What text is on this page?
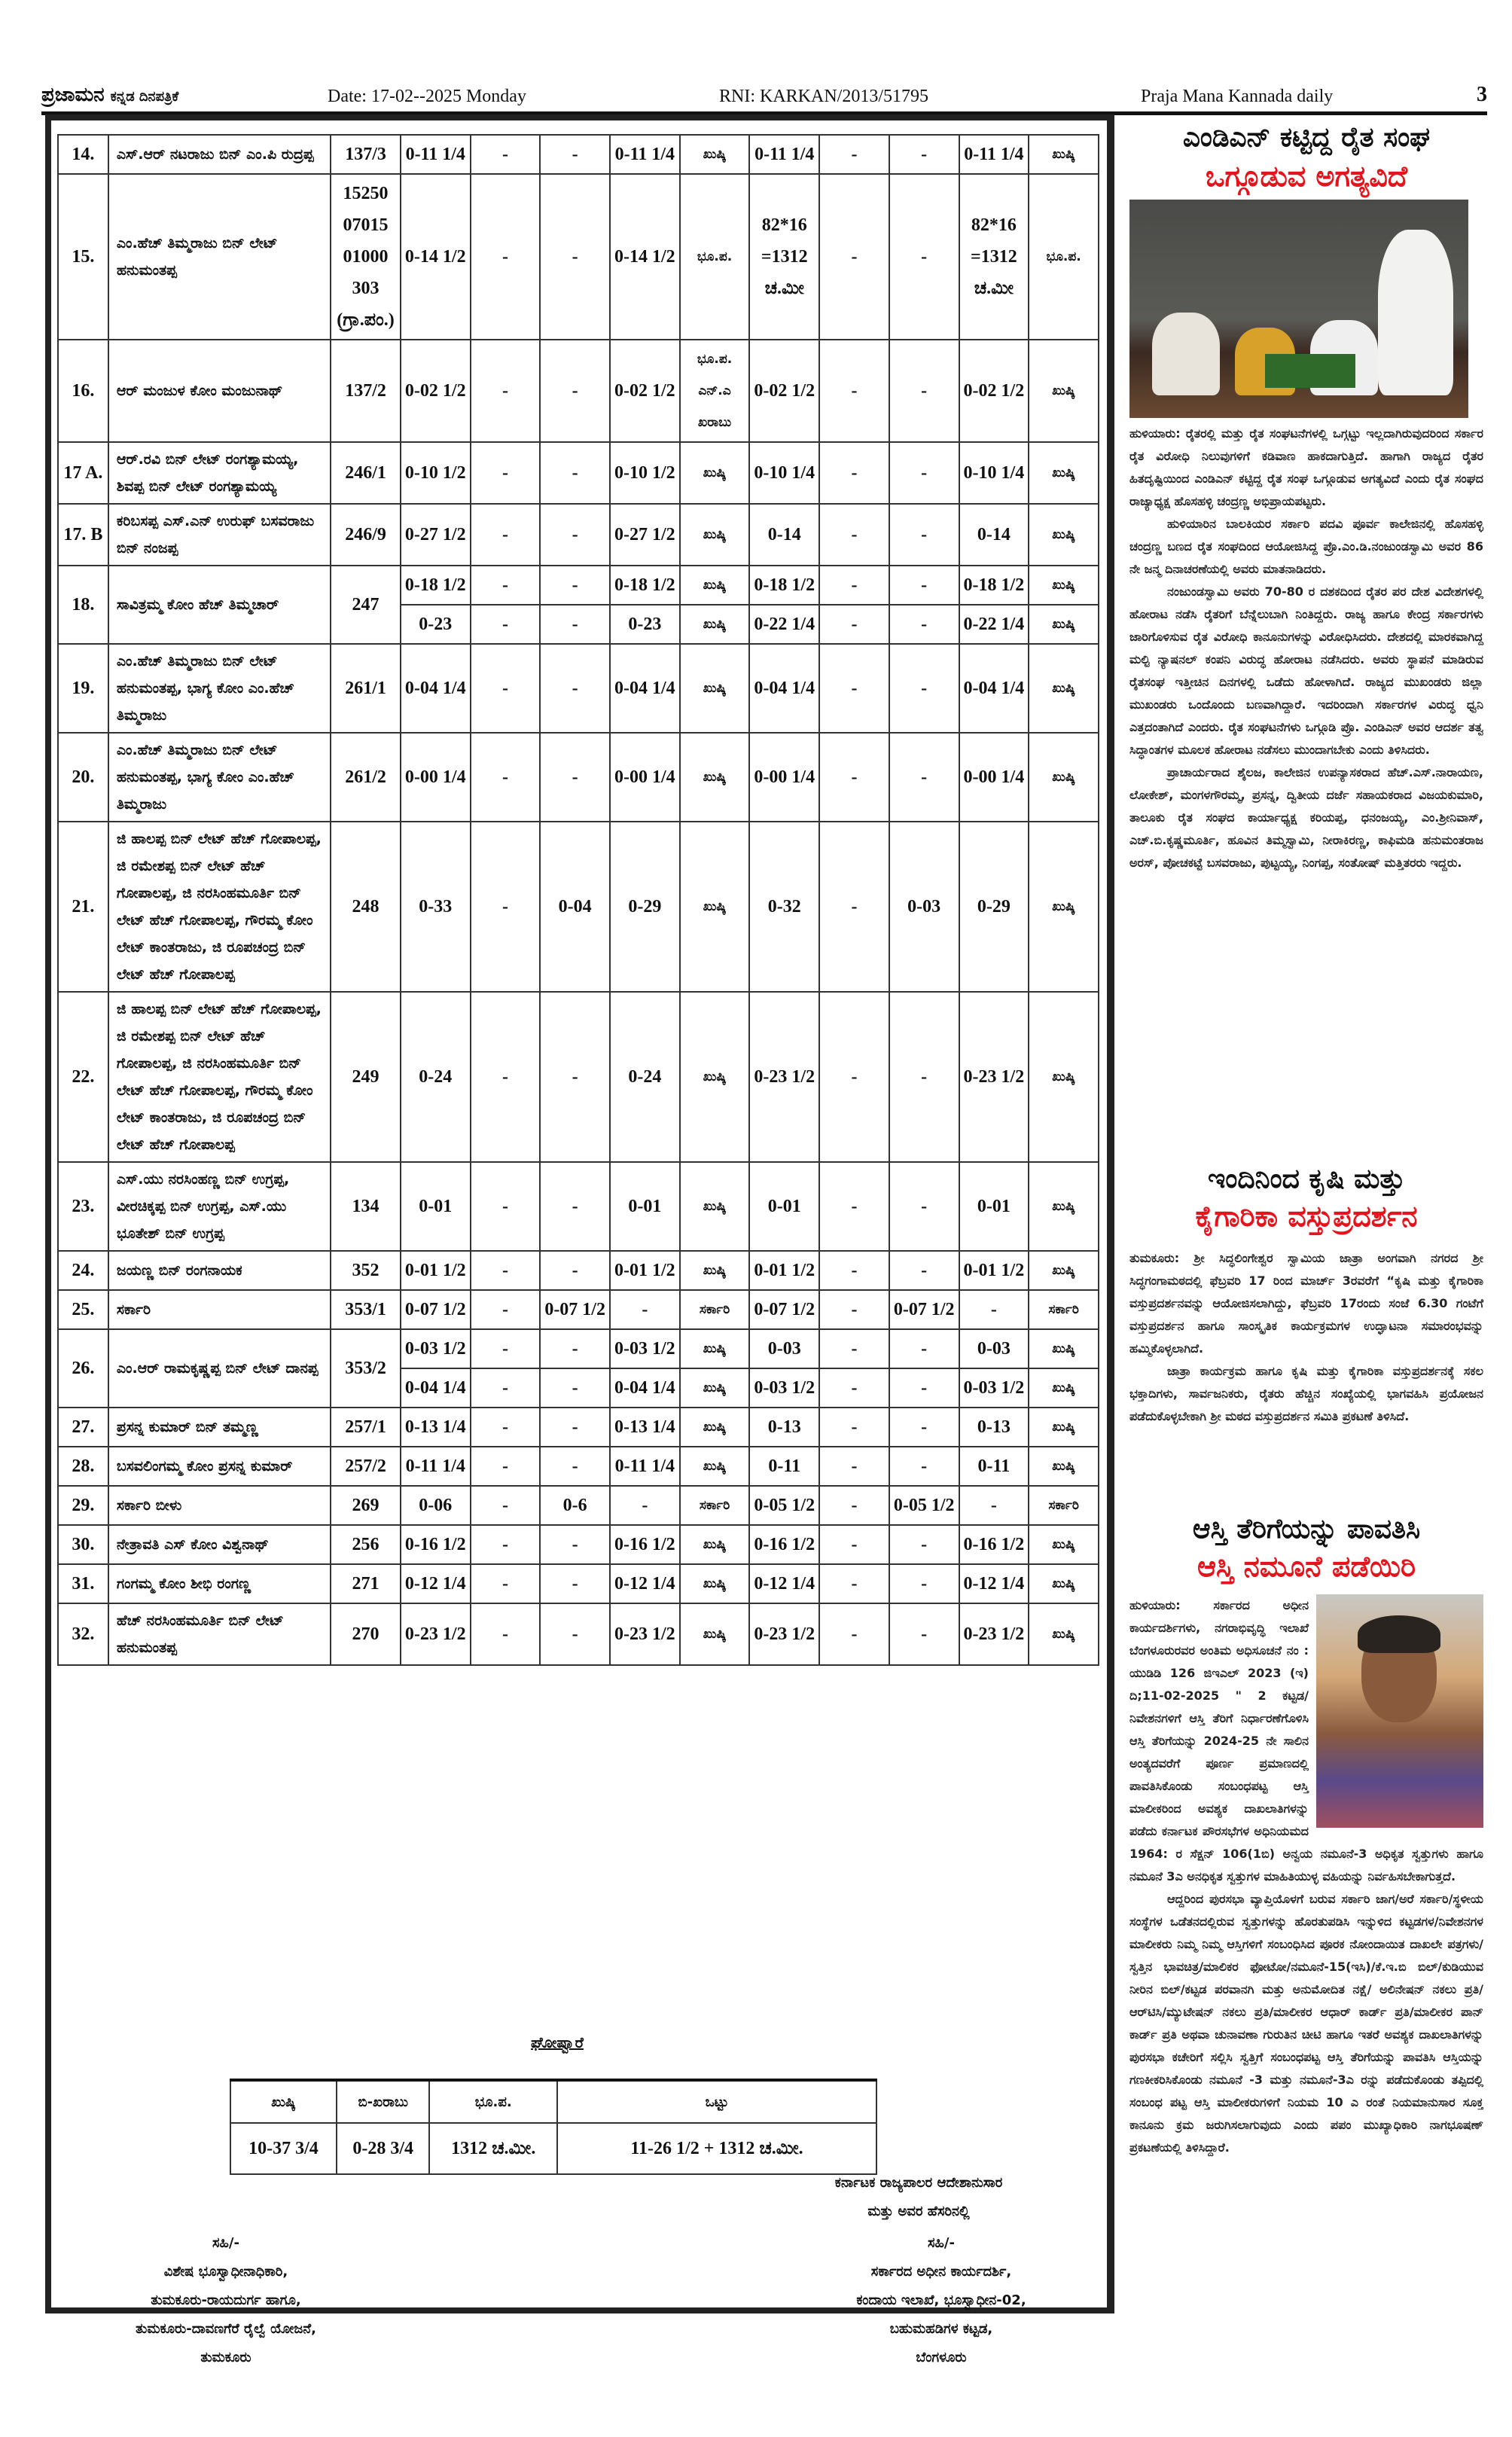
ಪ್ರಜಾಮನ ಕನ್ನಡ ದಿನಪತ್ರಿಕೆ	Date: 17-02--2025 Monday	RNI: KARKAN/2013/51795	Praja Mana Kannada daily	3
14.	ಎಸ್.ಆರ್ ನಟರಾಜು ಬಿನ್ ಎಂ.ಪಿ ರುದ್ರಪ್ಪ	137/3	0-11 1/4	-	-	0-11 1/4	ಖುಷ್ಕಿ	0-11 1/4	-	-	0-11 1/4	ಖುಷ್ಕಿ
15.	ಎಂ.ಹೆಚ್ ತಿಮ್ಮರಾಜು ಬಿನ್ ಲೇಟ್ ಹನುಮಂತಪ್ಪ	15250 07015 01000 303 (ಗ್ರಾ.ಪಂ.)	0-14 1/2	-	-	0-14 1/2	ಭೂ.ಪ.	82*16 =1312 ಚ.ಮೀ	-	-	82*16 =1312 ಚ.ಮೀ	ಭೂ.ಪ.
16.	ಆರ್ ಮಂಜುಳ ಕೋಂ ಮಂಜುನಾಥ್	137/2	0-02 1/2	-	-	0-02 1/2	ಭೂ.ಪ. ಎನ್.ಎ ಖರಾಬು	0-02 1/2	-	-	0-02 1/2	ಖುಷ್ಕಿ
17 A.	ಆರ್.ರವಿ ಬಿನ್ ಲೇಟ್ ರಂಗಶ್ಯಾಮಯ್ಯ, ಶಿವಪ್ಪ ಬಿನ್ ಲೇಟ್ ರಂಗಶ್ಯಾಮಯ್ಯ	246/1	0-10 1/2	-	-	0-10 1/2	ಖುಷ್ಕಿ	0-10 1/4	-	-	0-10 1/4	ಖುಷ್ಕಿ
17. B	ಕರಿಬಸಪ್ಪ ಎಸ್.ಎನ್ ಉರುಫ್ ಬಸವರಾಜು ಬಿನ್ ನಂಜಪ್ಪ	246/9	0-27 1/2	-	-	0-27 1/2	ಖುಷ್ಕಿ	0-14	-	-	0-14	ಖುಷ್ಕಿ
18.	ಸಾವಿತ್ರಮ್ಮ ಕೋಂ ಹೆಚ್ ತಿಮ್ಮಚಾರ್	247	0-18 1/2	-	-	0-18 1/2	ಖುಷ್ಕಿ	0-18 1/2	-	-	0-18 1/2	ಖುಷ್ಕಿ
			0-23	-	-	0-23	ಖುಷ್ಕಿ	0-22 1/4	-	-	0-22 1/4	ಖುಷ್ಕಿ
19.	ಎಂ.ಹೆಚ್ ತಿಮ್ಮರಾಜು ಬಿನ್ ಲೇಟ್ ಹನುಮಂತಪ್ಪ, ಭಾಗ್ಯ ಕೋಂ ಎಂ.ಹೆಚ್ ತಿಮ್ಮರಾಜು	261/1	0-04 1/4	-	-	0-04 1/4	ಖುಷ್ಕಿ	0-04 1/4	-	-	0-04 1/4	ಖುಷ್ಕಿ
20.	ಎಂ.ಹೆಚ್ ತಿಮ್ಮರಾಜು ಬಿನ್ ಲೇಟ್ ಹನುಮಂತಪ್ಪ, ಭಾಗ್ಯ ಕೋಂ ಎಂ.ಹೆಚ್ ತಿಮ್ಮರಾಜು	261/2	0-00 1/4	-	-	0-00 1/4	ಖುಷ್ಕಿ	0-00 1/4	-	-	0-00 1/4	ಖುಷ್ಕಿ
21.	ಜಿ ಹಾಲಪ್ಪ ಬಿನ್ ಲೇಟ್ ಹೆಚ್ ಗೋಪಾಲಪ್ಪ, ಜಿ ರಮೇಶಪ್ಪ ಬಿನ್ ಲೇಟ್ ಹೆಚ್ ಗೋಪಾಲಪ್ಪ, ಜಿ ನರಸಿಂಹಮೂರ್ತಿ ಬಿನ್ ಲೇಟ್ ಹೆಚ್ ಗೋಪಾಲಪ್ಪ, ಗೌರಮ್ಮ ಕೋಂ ಲೇಟ್ ಕಾಂತರಾಜು, ಜಿ ರೂಪಚಂದ್ರ ಬಿನ್ ಲೇಟ್ ಹೆಚ್ ಗೋಪಾಲಪ್ಪ	248	0-33	-	0-04	0-29	ಖುಷ್ಕಿ	0-32	-	0-03	0-29	ಖುಷ್ಕಿ
22.	ಜಿ ಹಾಲಪ್ಪ ಬಿನ್ ಲೇಟ್ ಹೆಚ್ ಗೋಪಾಲಪ್ಪ, ಜಿ ರಮೇಶಪ್ಪ ಬಿನ್ ಲೇಟ್ ಹೆಚ್ ಗೋಪಾಲಪ್ಪ, ಜಿ ನರಸಿಂಹಮೂರ್ತಿ ಬಿನ್ ಲೇಟ್ ಹೆಚ್ ಗೋಪಾಲಪ್ಪ, ಗೌರಮ್ಮ ಕೋಂ ಲೇಟ್ ಕಾಂತರಾಜು, ಜಿ ರೂಪಚಂದ್ರ ಬಿನ್ ಲೇಟ್ ಹೆಚ್ ಗೋಪಾಲಪ್ಪ	249	0-24	-	-	0-24	ಖುಷ್ಕಿ	0-23 1/2	-	-	0-23 1/2	ಖುಷ್ಕಿ
23.	ಎಸ್.ಯು ನರಸಿಂಹಣ್ಣ ಬಿನ್ ಉಗ್ರಪ್ಪ, ವೀರಚಿಕ್ಕಪ್ಪ ಬಿನ್ ಉಗ್ರಪ್ಪ, ಎಸ್.ಯು ಭೂತೇಶ್ ಬಿನ್ ಉಗ್ರಪ್ಪ	134	0-01	-	-	0-01	ಖುಷ್ಕಿ	0-01	-	-	0-01	ಖುಷ್ಕಿ
24.	ಜಯಣ್ಣ ಬಿನ್ ರಂಗನಾಯಕ	352	0-01 1/2	-	-	0-01 1/2	ಖುಷ್ಕಿ	0-01 1/2	-	-	0-01 1/2	ಖುಷ್ಕಿ
25.	ಸರ್ಕಾರಿ	353/1	0-07 1/2	-	0-07 1/2	-	ಸರ್ಕಾರಿ	0-07 1/2	-	0-07 1/2	-	ಸರ್ಕಾರಿ
26.	ಎಂ.ಆರ್ ರಾಮಕೃಷ್ಣಪ್ಪ ಬಿನ್ ಲೇಟ್ ದಾನಪ್ಪ	353/2	0-03 1/2	-	-	0-03 1/2	ಖುಷ್ಕಿ	0-03	-	-	0-03	ಖುಷ್ಕಿ
			0-04 1/4	-	-	0-04 1/4	ಖುಷ್ಕಿ	0-03 1/2	-	-	0-03 1/2	ಖುಷ್ಕಿ
27.	ಪ್ರಸನ್ನ ಕುಮಾರ್ ಬಿನ್ ತಮ್ಮಣ್ಣ	257/1	0-13 1/4	-	-	0-13 1/4	ಖುಷ್ಕಿ	0-13	-	-	0-13	ಖುಷ್ಕಿ
28.	ಬಸವಲಿಂಗಮ್ಮ ಕೋಂ ಪ್ರಸನ್ನ ಕುಮಾರ್	257/2	0-11 1/4	-	-	0-11 1/4	ಖುಷ್ಕಿ	0-11	-	-	0-11	ಖುಷ್ಕಿ
29.	ಸರ್ಕಾರಿ ಬೀಳು	269	0-06	-	0-6	-	ಸರ್ಕಾರಿ	0-05 1/2	-	0-05 1/2	-	ಸರ್ಕಾರಿ
30.	ನೇತ್ರಾವತಿ ಎಸ್ ಕೋಂ ವಿಶ್ವನಾಥ್	256	0-16 1/2	-	-	0-16 1/2	ಖುಷ್ಕಿ	0-16 1/2	-	-	0-16 1/2	ಖುಷ್ಕಿ
31.	ಗಂಗಮ್ಮ ಕೋಂ ಶೀಭಿ ರಂಗಣ್ಣ	271	0-12 1/4	-	-	0-12 1/4	ಖುಷ್ಕಿ	0-12 1/4	-	-	0-12 1/4	ಖುಷ್ಕಿ
32.	ಹೆಚ್ ನರಸಿಂಹಮೂರ್ತಿ ಬಿನ್ ಲೇಟ್ ಹನುಮಂತಪ್ಪ	270	0-23 1/2	-	-	0-23 1/2	ಖುಷ್ಕಿ	0-23 1/2	-	-	0-23 1/2	ಖುಷ್ಕಿ
ಘೋಷ್ವಾರೆ
ಖುಷ್ಕಿ	ಬಿ-ಖರಾಬು	ಭೂ.ಪ.	ಒಟ್ಟು
10-37 3/4	0-28 3/4	1312 ಚ.ಮೀ.	11-26 1/2 + 1312 ಚ.ಮೀ.
ಕರ್ನಾಟಕ ರಾಜ್ಯಪಾಲರ ಆದೇಶಾನುಸಾರ
ಮತ್ತು ಅವರ ಹೆಸರಿನಲ್ಲಿ
ಸಹಿ/-
ವಿಶೇಷ ಭೂಸ್ವಾಧೀನಾಧಿಕಾರಿ,
ತುಮಕೂರು-ರಾಯದುರ್ಗ ಹಾಗೂ,
ತುಮಕೂರು-ದಾವಣಗೆರೆ ರೈಲ್ವೆ ಯೋಜನೆ,
ತುಮಕೂರು
ಸಹಿ/-
ಸರ್ಕಾರದ ಅಧೀನ ಕಾರ್ಯದರ್ಶಿ,
ಕಂದಾಯ ಇಲಾಖೆ, ಭೂಸ್ವಾಧೀನ-02,
ಬಹುಮಹಡಿಗಳ ಕಟ್ಟಡ,
ಬೆಂಗಳೂರು
ಎಂಡಿಎನ್ ಕಟ್ಟಿದ್ದ ರೈತ ಸಂಘ
ಒಗ್ಗೂಡುವ ಅಗತ್ಯವಿದೆ

ಹುಳಿಯಾರು: ರೈತರಲ್ಲಿ ಮತ್ತು ರೈತ ಸಂಘಟನೆಗಳಲ್ಲಿ ಒಗ್ಗಟ್ಟು ಇಲ್ಲದಾಗಿರುವುದರಿಂದ ಸರ್ಕಾರ ರೈತ ವಿರೋಧಿ ನಿಲುವುಗಳಿಗೆ ಕಡಿವಾಣ ಹಾಕದಾಗುತ್ತಿದೆ. ಹಾಗಾಗಿ ರಾಜ್ಯದ ರೈತರ ಹಿತದೃಷ್ಟಿಯಿಂದ ಎಂಡಿಎನ್ ಕಟ್ಟಿದ್ದ ರೈತ ಸಂಘ ಒಗ್ಗೂಡುವ ಅಗತ್ಯವಿದೆ ಎಂದು ರೈತ ಸಂಘದ ರಾಜ್ಯಾಧ್ಯಕ್ಷ ಹೊಸಹಳ್ಳಿ ಚಂದ್ರಣ್ಣ ಅಭಿಪ್ರಾಯಪಟ್ಟರು.

ಹುಳಿಯಾರಿನ ಬಾಲಕಿಯರ ಸರ್ಕಾರಿ ಪದವಿ ಪೂರ್ವ ಕಾಲೇಜಿನಲ್ಲಿ ಹೊಸಹಳ್ಳಿ ಚಂದ್ರಣ್ಣ ಬಣದ ರೈತ ಸಂಘದಿಂದ ಆಯೋಜಿಸಿದ್ದ ಪ್ರೊ.ಎಂ.ಡಿ.ನಂಜುಂಡಸ್ವಾಮಿ ಅವರ 86 ನೇ ಜನ್ಮ ದಿನಾಚರಣೆಯಲ್ಲಿ ಅವರು ಮಾತನಾಡಿದರು.

ನಂಜುಂಡಸ್ವಾಮಿ ಅವರು 70-80 ರ ದಶಕದಿಂದ ರೈತರ ಪರ ದೇಶ ವಿದೇಶಗಳಲ್ಲಿ ಹೋರಾಟ ನಡೆಸಿ ರೈತರಿಗೆ ಬೆನ್ನೆಲುಬಾಗಿ ನಿಂತಿದ್ದರು. ರಾಜ್ಯ ಹಾಗೂ ಕೇಂದ್ರ ಸರ್ಕಾರಗಳು ಜಾರಿಗೊಳಿಸುವ ರೈತ ವಿರೋಧಿ ಕಾನೂನುಗಳನ್ನು ವಿರೋಧಿಸಿದರು. ದೇಶದಲ್ಲಿ ಮಾರಕವಾಗಿದ್ದ ಮಲ್ಟಿ ನ್ಯಾಷನಲ್ ಕಂಪನಿ ವಿರುದ್ಧ ಹೋರಾಟ ನಡೆಸಿದರು. ಅವರು ಸ್ಥಾಪನೆ ಮಾಡಿರುವ ರೈತಸಂಘ ಇತ್ತೀಚಿನ ದಿನಗಳಲ್ಲಿ ಒಡೆದು ಹೋಳಾಗಿದೆ. ರಾಜ್ಯದ ಮುಖಂಡರು ಜಿಲ್ಲಾ ಮುಖಂಡರು ಒಂದೊಂದು ಬಣವಾಗಿದ್ದಾರೆ. ಇದರಿಂದಾಗಿ ಸರ್ಕಾರಗಳ ವಿರುದ್ಧ ಧ್ವನಿ ಎತ್ತದಂತಾಗಿದೆ ಎಂದರು. ರೈತ ಸಂಘಟನೆಗಳು ಒಗ್ಗೂಡಿ ಪ್ರೊ. ಎಂಡಿಎನ್ ಅವರ ಆದರ್ಶ ತತ್ವ ಸಿದ್ಧಾಂತಗಳ ಮೂಲಕ ಹೋರಾಟ ನಡೆಸಲು ಮುಂದಾಗಬೇಕು ಎಂದು ತಿಳಿಸಿದರು.

ಪ್ರಾಚಾರ್ಯರಾದ ಶೈಲಜ, ಕಾಲೇಜಿನ ಉಪನ್ಯಾಸಕರಾದ ಹೆಚ್.ಎಸ್.ನಾರಾಯಣ, ಲೋಕೇಶ್, ಮಂಗಳಗೌರಮ್ಮ, ಪ್ರಸನ್ನ, ದ್ವಿತೀಯ ದರ್ಜೆ ಸಹಾಯಕರಾದ ವಿಜಯಕುಮಾರಿ, ತಾಲೂಕು ರೈತ ಸಂಘದ ಕಾರ್ಯಾಧ್ಯಕ್ಷ ಕರಿಯಪ್ಪ, ಧನಂಜಯ್ಯ, ಎಂ.ಶ್ರೀನಿವಾಸ್, ಎಚ್.ಬಿ.ಕೃಷ್ಣಮೂರ್ತಿ, ಹೂವಿನ ತಿಮ್ಮಸ್ವಾಮಿ, ನೀರಾಕಿರಣ್ಣ, ಕಾಫಿಮಡಿ ಹನುಮಂತರಾಜ ಅರಸ್, ಪೋಚಕಟ್ಟೆ ಬಸವರಾಜು, ಪುಟ್ಟಯ್ಯ, ನಿಂಗಪ್ಪ, ಸಂತೋಷ್ ಮತ್ತಿತರರು ಇದ್ದರು.

ಇಂದಿನಿಂದ ಕೃಷಿ ಮತ್ತು
ಕೈಗಾರಿಕಾ ವಸ್ತುಪ್ರದರ್ಶನ

ತುಮಕೂರು: ಶ್ರೀ ಸಿದ್ಧಲಿಂಗೇಶ್ವರ ಸ್ವಾಮಿಯ ಜಾತ್ರಾ ಅಂಗವಾಗಿ ನಗರದ ಶ್ರೀ ಸಿದ್ಧಗಂಗಾಮಠದಲ್ಲಿ ಫೆಬ್ರವರಿ 17 ರಿಂದ ಮಾರ್ಚ್ 3ರವರೆಗೆ “ಕೃಷಿ ಮತ್ತು ಕೈಗಾರಿಕಾ ವಸ್ತುಪ್ರದರ್ಶನವನ್ನು ಆಯೋಜಿಸಲಾಗಿದ್ದು, ಫೆಬ್ರವರಿ 17ರಂದು ಸಂಜೆ 6.30 ಗಂಟೆಗೆ ವಸ್ತುಪ್ರದರ್ಶನ ಹಾಗೂ ಸಾಂಸ್ಕೃತಿಕ ಕಾರ್ಯಕ್ರಮಗಳ ಉದ್ಘಾಟನಾ ಸಮಾರಂಭವನ್ನು ಹಮ್ಮಿಕೊಳ್ಳಲಾಗಿದೆ.

ಜಾತ್ರಾ ಕಾರ್ಯಕ್ರಮ ಹಾಗೂ ಕೃಷಿ ಮತ್ತು ಕೈಗಾರಿಕಾ ವಸ್ತುಪ್ರದರ್ಶನಕ್ಕೆ ಸಕಲ ಭಕ್ತಾದಿಗಳು, ಸಾರ್ವಜನಿಕರು, ರೈತರು ಹೆಚ್ಚಿನ ಸಂಖ್ಯೆಯಲ್ಲಿ ಭಾಗವಹಿಸಿ ಪ್ರಯೋಜನ ಪಡೆದುಕೊಳ್ಳಬೇಕಾಗಿ ಶ್ರೀ ಮಠದ ವಸ್ತುಪ್ರದರ್ಶನ ಸಮಿತಿ ಪ್ರಕಟಣೆ ತಿಳಿಸಿದೆ.

ಆಸ್ತಿ ತೆರಿಗೆಯನ್ನು ಪಾವತಿಸಿ
ಆಸ್ತಿ ನಮೂನೆ ಪಡೆಯಿರಿ

ಹುಳಿಯಾರು: ಸರ್ಕಾರದ ಅಧೀನ ಕಾರ್ಯದರ್ಶಿಗಳು, ನಗರಾಭಿವೃದ್ಧಿ ಇಲಾಖೆ ಬೆಂಗಳೂರುರವರ ಅಂತಿಮ ಅಧಿಸೂಚನೆ ನಂ : ಯುಡಿಡಿ 126 ಜಿಇಎಲ್ 2023 (ಇ) ದಿ;11-02-2025 " 2 ಕಟ್ಟಡ/ನಿವೇಶನಗಳಿಗೆ ಆಸ್ತಿ ತೆರಿಗೆ ನಿರ್ಧಾರಣೆಗೊಳಿಸಿ ಆಸ್ತಿ ತೆರಿಗೆಯನ್ನು 2024-25 ನೇ ಸಾಲಿನ ಅಂತ್ಯದವರೆಗೆ ಪೂರ್ಣ ಪ್ರಮಾಣದಲ್ಲಿ ಪಾವತಿಸಿಕೊಂಡು ಸಂಬಂಧಪಟ್ಟ ಆಸ್ತಿ ಮಾಲೀಕರಿಂದ ಅವಶ್ಯಕ ದಾಖಲಾತಿಗಳನ್ನು ಪಡೆದು ಕರ್ನಾಟಕ ಪೌರಸಭೆಗಳ ಅಧಿನಿಯಮದ 1964: ರ ಸೆಕ್ಷನ್ 106(1ಬಿ) ಅನ್ವಯ ನಮೂನೆ-3 ಅಧಿಕೃತ ಸ್ವತ್ತುಗಳು ಹಾಗೂ ನಮೂನೆ 3ಎ ಅನಧಿಕೃತ ಸ್ವತ್ತುಗಳ ಮಾಹಿತಿಯುಳ್ಳ ವಹಿಯನ್ನು ನಿರ್ವಹಿಸಬೇಕಾಗುತ್ತದೆ.

ಆದ್ದರಿಂದ ಪುರಸಭಾ ವ್ಯಾಪ್ತಿಯೊಳಗೆ ಬರುವ ಸರ್ಕಾರಿ ಜಾಗ/ಅರೆ ಸರ್ಕಾರಿ/ಸ್ಥಳೀಯ ಸಂಸ್ಥೆಗಳ ಒಡೆತನದಲ್ಲಿರುವ ಸ್ವತ್ತುಗಳನ್ನು ಹೊರತುಪಡಿಸಿ ಇನ್ನುಳಿದ ಕಟ್ಟಡಗಳ/ನಿವೇಶನಗಳ ಮಾಲೀಕರು ನಿಮ್ಮ ನಿಮ್ಮ ಆಸ್ತಿಗಳಿಗೆ ಸಂಬಂಧಿಸಿದ ಪೂರಕ ನೋಂದಾಯಿತ ದಾಖಲೇ ಪತ್ರಗಳು/ಸ್ವತ್ತಿನ ಭಾವಚಿತ್ರ/ಮಾಲಿಕರ ಫೋಟೋ/ನಮೂನೆ-15(ಇಸಿ)/ಕೆ.ಇ.ಬಿ ಬಿಲ್/ಕುಡಿಯುವ ನೀರಿನ ಬಿಲ್/ಕಟ್ಟಡ ಪರವಾನಗಿ ಮತ್ತು ಅನುಮೋದಿತ ನಕ್ಷೆ/ ಅಲಿನೇಷನ್ ನಕಲು ಪ್ರತಿ/ಆರ್‌ಟಿಸಿ/ಮ್ಯುಟೇಷನ್ ನಕಲು ಪ್ರತಿ/ಮಾಲೀಕರ ಆಧಾರ್ ಕಾರ್ಡ್ ಪ್ರತಿ/ಮಾಲೀಕರ ಪಾನ್ ಕಾರ್ಡ್ ಪ್ರತಿ ಅಥವಾ ಚುನಾವಣಾ ಗುರುತಿನ ಚೀಟಿ ಹಾಗೂ ಇತರೆ ಅವಶ್ಯಕ ದಾಖಲಾತಿಗಳನ್ನು ಪುರಸಭಾ ಕಚೇರಿಗೆ ಸಲ್ಲಿಸಿ ಸ್ವತ್ತಿಗೆ ಸಂಬಂಧಪಟ್ಟ ಆಸ್ತಿ ತೆರಿಗೆಯನ್ನು ಪಾವತಿಸಿ ಆಸ್ತಿಯನ್ನು ಗಣಕೀಕರಿಸಿಕೊಂಡು ನಮೂನೆ -3 ಮತ್ತು ನಮೂನೆ-3ಎ ರನ್ನು ಪಡೆದುಕೊಂಡು ತಪ್ಪಿದಲ್ಲಿ ಸಂಬಂಧ ಪಟ್ಟ ಆಸ್ತಿ ಮಾಲೀಕರುಗಳಿಗೆ ನಿಯಮ 10 ಎ ರಂತೆ ನಿಯಮಾನುಸಾರ ಸೂಕ್ತ ಕಾನೂನು ಕ್ರಮ ಜರುಗಿಸಲಾಗುವುದು ಎಂದು ಪಪಂ ಮುಖ್ಯಾಧಿಕಾರಿ ನಾಗಭೂಷಣ್ ಪ್ರಕಟಣೆಯಲ್ಲಿ ತಿಳಿಸಿದ್ದಾರೆ.
